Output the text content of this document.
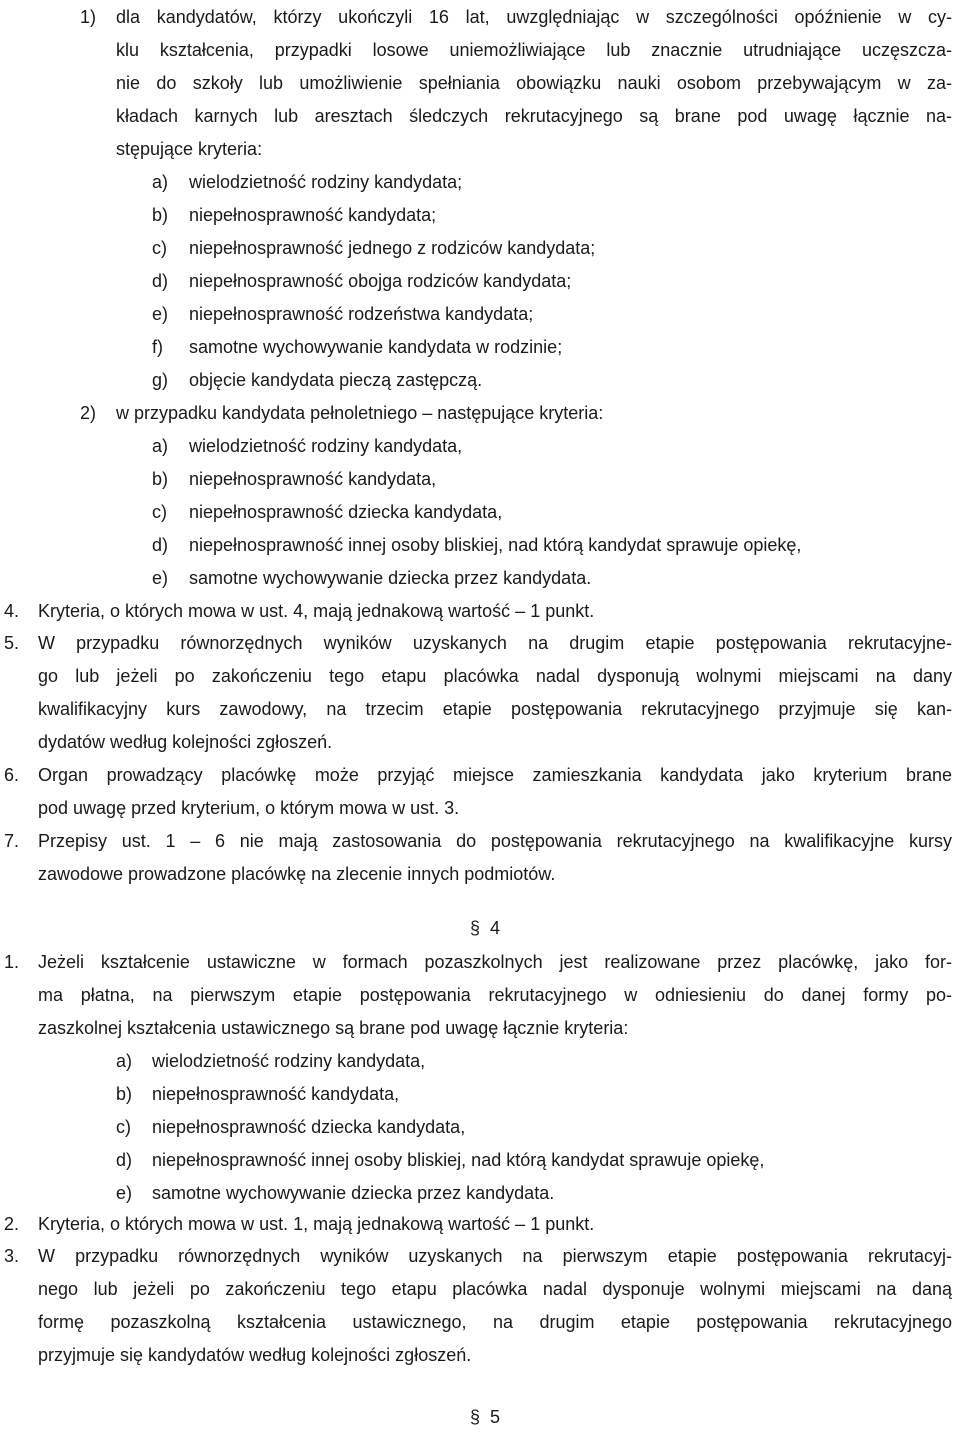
1) dla kandydatów, którzy ukończyli 16 lat, uwzględniając w szczególności opóźnienie w cy-
klu kształcenia, przypadki losowe uniemożliwiające lub znacznie utrudniające uczęszcza-
nie do szkoły lub umożliwienie spełniania obowiązku nauki osobom przebywającym w za-
kładach karnych lub aresztach śledczych rekrutacyjnego są brane pod uwagę łącznie na-
stępujące kryteria:
a) wielodzietność rodziny kandydata;
b) niepełnosprawność kandydata;
c) niepełnosprawność jednego z rodziców kandydata;
d) niepełnosprawność obojga rodziców kandydata;
e) niepełnosprawność rodzeństwa kandydata;
f) samotne wychowywanie kandydata w rodzinie;
g) objęcie kandydata pieczą zastępczą.
2) w przypadku kandydata pełnoletniego – następujące kryteria:
a) wielodzietność rodziny kandydata,
b) niepełnosprawność kandydata,
c) niepełnosprawność dziecka kandydata,
d) niepełnosprawność innej osoby bliskiej, nad którą kandydat sprawuje opiekę,
e) samotne wychowywanie dziecka przez kandydata.
4. Kryteria, o których mowa w ust. 4, mają jednakową wartość – 1 punkt.
5. W przypadku równorzędnych wyników uzyskanych na drugim etapie postępowania rekrutacyjne-
go lub jeżeli po zakończeniu tego etapu placówka nadal dysponują wolnymi miejscami na dany
kwalifikacyjny kurs zawodowy, na trzecim etapie postępowania rekrutacyjnego przyjmuje się kan-
dydatów według kolejności zgłoszeń.
6. Organ prowadzący placówkę może przyjąć miejsce zamieszkania kandydata jako kryterium brane
pod uwagę przed kryterium, o którym mowa w ust. 3.
7. Przepisy ust. 1 – 6 nie mają zastosowania do postępowania rekrutacyjnego na kwalifikacyjne kursy
zawodowe prowadzone placówkę na zlecenie innych podmiotów.
§ 4
1. Jeżeli kształcenie ustawiczne w formach pozaszkolnych jest realizowane przez placówkę, jako for-
ma płatna, na pierwszym etapie postępowania rekrutacyjnego w odniesieniu do danej formy po-
zaszkolnej kształcenia ustawicznego są brane pod uwagę łącznie kryteria:
a) wielodzietność rodziny kandydata,
b) niepełnosprawność kandydata,
c) niepełnosprawność dziecka kandydata,
d) niepełnosprawność innej osoby bliskiej, nad którą kandydat sprawuje opiekę,
e) samotne wychowywanie dziecka przez kandydata.
2. Kryteria, o których mowa w ust. 1, mają jednakową wartość – 1 punkt.
3. W przypadku równorzędnych wyników uzyskanych na pierwszym etapie postępowania rekrutacyj-
nego lub jeżeli po zakończeniu tego etapu placówka nadal dysponuje wolnymi miejscami na daną
formę pozaszkolną kształcenia ustawicznego, na drugim etapie postępowania rekrutacyjnego
przyjmuje się kandydatów według kolejności zgłoszeń.
§ 5
